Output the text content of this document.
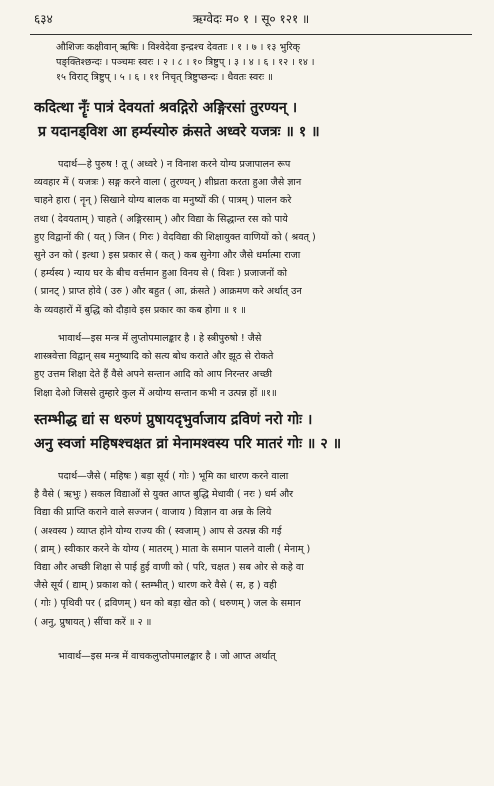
६३४	ऋग्वेदः म० १ । सू० १२१ ॥

औशिजः कक्षीवान् ऋषिः । विश्वेदेवा इन्द्रश्च देवताः । १ । ७ । १३ भुरिक्

पङ्क्तिश्छन्दः । पञ्चमः स्वरः । २ । ८ । १० त्रिष्टुप् । ३ । ४ । ६ । १२ । १४ ।

१५ विराट् त्रिष्टुप् । ५ । ६ । ११ निचृत् त्रिष्टुप्छन्दः । धैवतः स्वरः ॥

कदित्था नॄँः पात्रं देवयतां श्रवद्गिरो अङ्गिरसां तुरण्यन् ।

प्र यदानड्विश आ हर्म्यस्योरु क्रंसते अध्वरे यजत्रः ॥ १ ॥

पदार्थ—हे पुरुष ! तू ( अध्वरे ) न विनाश करने योग्य प्रजापालन रूप

व्यवहार में ( यजत्रः ) सङ्ग करने वाला ( तुरण्यन् ) शीघ्रता करता हुआ जैसे ज्ञान

चाहने हारा ( नॄन् ) सिखाने योग्य बालक वा मनुष्यों की ( पात्रम् ) पालन करे

तथा ( देवयताम् ) चाहते ( अङ्गिरसाम् ) और विद्या के सिद्धान्त रस को पाये

हुए विद्वानों की ( यत् ) जिन ( गिरः ) वेदविद्या की शिक्षायुक्त वाणियों को ( श्रवत् )

सुने उन को ( इत्था ) इस प्रकार से ( कत् ) कब सुनेगा और जैसे धर्मात्मा राजा

( हर्म्यस्य ) न्याय घर के बीच वर्त्तमान हुआ विनय से ( विशः ) प्रजाजनों को

( प्रानट् ) प्राप्त होवे ( उरु ) और बहुत ( आ, क्रंसते ) आक्रमण करे अर्थात् उन

के व्यवहारों में बुद्धि को दौड़ावे इस प्रकार का कब होगा ॥ १ ॥

भावार्थ—इस मन्त्र में लुप्तोपमालङ्कार है । हे स्त्रीपुरुषो ! जैसे

शास्त्रवेत्ता विद्वान् सब मनुष्यादि को सत्य बोध कराते और झूठ से रोकते

हुए उत्तम शिक्षा देते हैं वैसे अपने सन्तान आदि को आप निरन्तर अच्छी

शिक्षा देओ जिससे तुम्हारे कुल में अयोग्य सन्तान कभी न उत्पन्न हों ॥१॥

स्तम्भीद्ध द्यां स धरुणं प्रुषायदृभुर्वाजाय द्रविणं नरो गोः ।

अनु स्वजां महिषश्चक्षत व्रां मेनामश्वस्य परि मातरं गोः ॥ २ ॥

पदार्थ—जैसे ( महिषः ) बड़ा सूर्य ( गोः ) भूमि का धारण करने वाला

है वैसे ( ऋभुः ) सकल विद्याओं से युक्त आप्त बुद्धि मेधावी ( नरः ) धर्म और

विद्या की प्राप्ति कराने वाले सज्जन ( वाजाय ) विज्ञान वा अन्न के लिये

( अश्वस्य ) व्याप्त होने योग्य राज्य की ( स्वजाम् ) आप से उत्पन्न की गई

( व्राम् ) स्वीकार करने के योग्य ( मातरम् ) माता के समान पालने वाली ( मेनाम् )

विद्या और अच्छी शिक्षा से पाई हुई वाणी को ( परि, चक्षत ) सब ओर से कहे वा

जैसे सूर्य ( द्याम् ) प्रकाश को ( स्तम्भीत् ) धारण करे वैसे ( स, ह ) वही

( गोः ) पृथिवी पर ( द्रविणम् ) धन को बड़ा खेत को ( धरुणम् ) जल के समान

( अनु, प्रुषायत् ) सींचा करें ॥ २ ॥

भावार्थ—इस मन्त्र में वाचकलुप्तोपमालङ्कार है । जो आप्त अर्थात्
